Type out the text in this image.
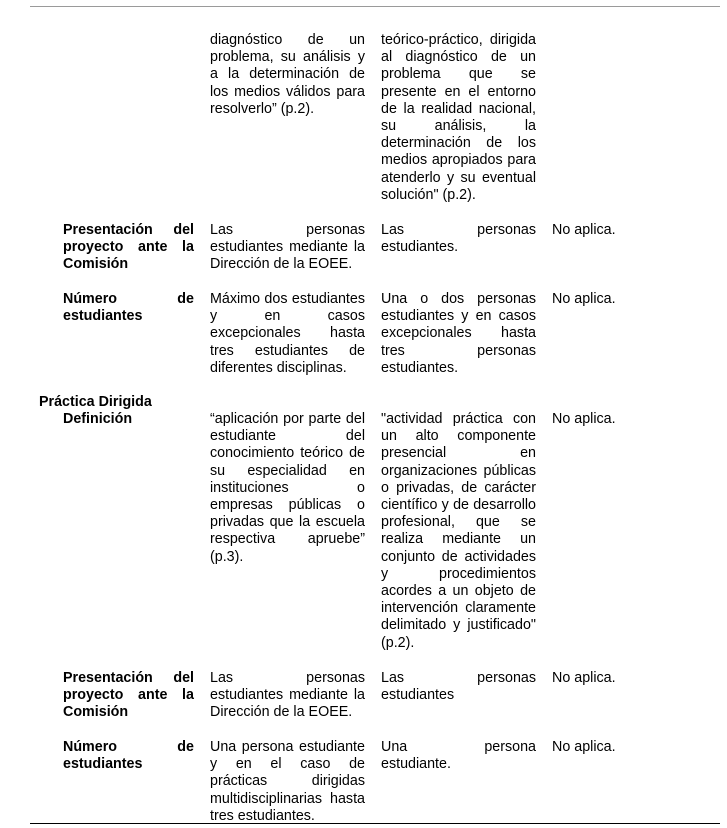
diagnóstico de un problema, su análisis y a la determinación de los medios válidos para resolverlo” (p.2).
teórico-práctico, dirigida al diagnóstico de un problema que se presente en el entorno de la realidad nacional, su análisis, la determinación de los medios apropiados para atenderlo y su eventual solución" (p.2).
Presentación del proyecto ante la Comisión
Las personas estudiantes mediante la Dirección de la EOEE.
Las personas estudiantes.
No aplica.
Número de estudiantes
Máximo dos estudiantes y en casos excepcionales hasta tres estudiantes de diferentes disciplinas.
Una o dos personas estudiantes y en casos excepcionales hasta tres personas estudiantes.
No aplica.
Práctica Dirigida
Definición	“aplicación por parte del estudiante del conocimiento teórico de su especialidad en instituciones o empresas públicas o privadas que la escuela respectiva apruebe” (p.3).
"actividad práctica con un alto componente presencial en organizaciones públicas o privadas, de carácter científico y de desarrollo profesional, que se realiza mediante un conjunto de actividades y procedimientos acordes a un objeto de intervención claramente delimitado y justificado" (p.2).
No aplica.
Presentación del proyecto ante la Comisión
Las personas estudiantes mediante la Dirección de la EOEE.
Las personas estudiantes
No aplica.
Número de estudiantes
Una persona estudiante y en el caso de prácticas dirigidas multidisciplinarias hasta tres estudiantes.
Una persona estudiante.
No aplica.
